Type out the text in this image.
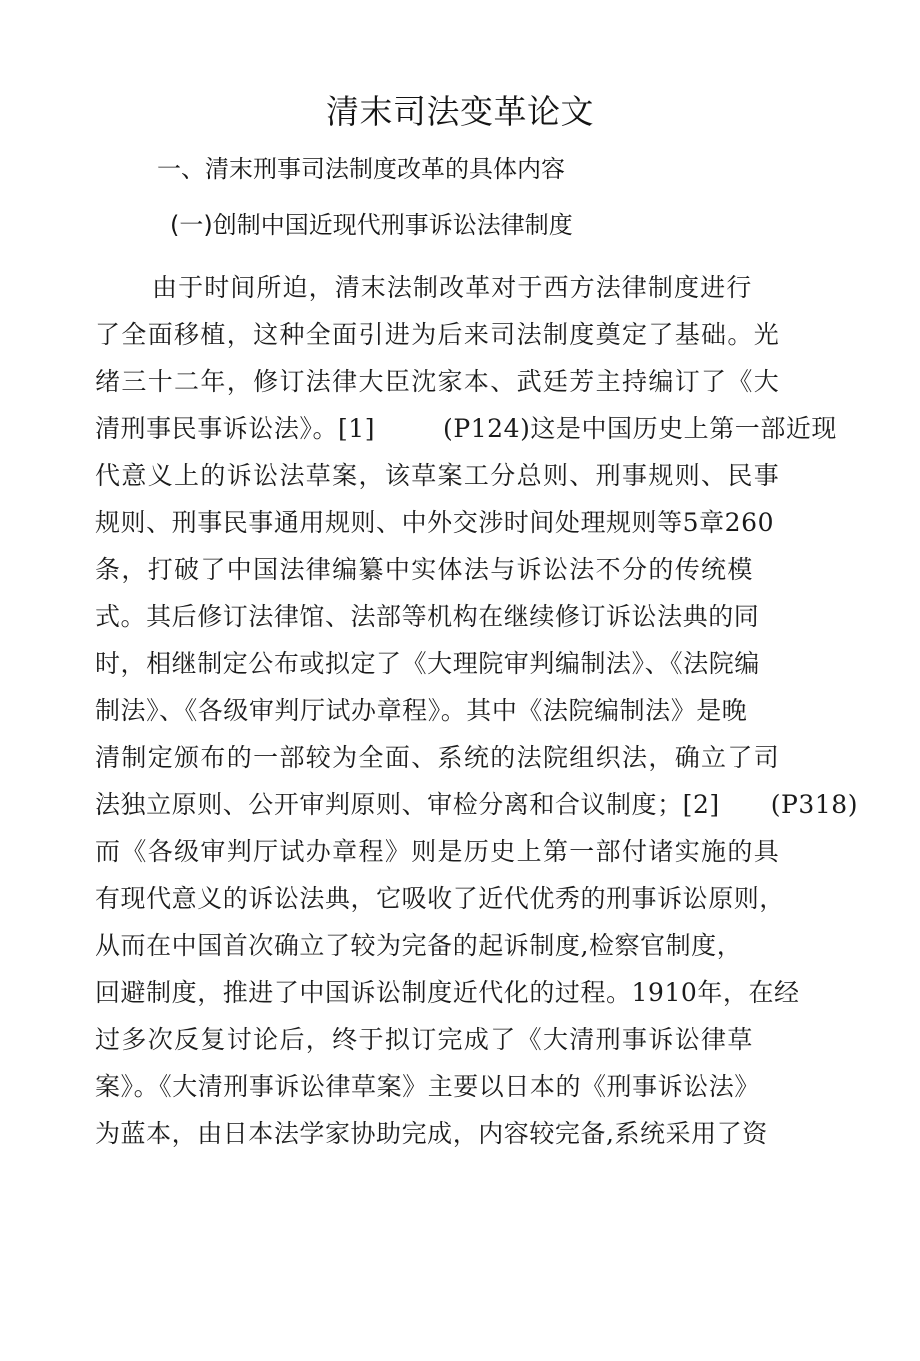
清末司法变革论文
一、清末刑事司法制度改革的具体内容
(一)创制中国近现代刑事诉讼法律制度
由于时间所迫，清末法制改革对于西方法律制度进行
了全面移植，这种全面引进为后来司法制度奠定了基础。光
绪三十二年，修订法律大臣沈家本、武廷芳主持编订了《大
清刑事民事诉讼法》。[1]        (P124)这是中国历史上第一部近现
代意义上的诉讼法草案，该草案工分总则、刑事规则、民事
规则、刑事民事通用规则、中外交涉时间处理规则等5章260
条，打破了中国法律编纂中实体法与诉讼法不分的传统模
式。其后修订法律馆、法部等机构在继续修订诉讼法典的同
时，相继制定公布或拟定了《大理院审判编制法》、《法院编
制法》、《各级审判厅试办章程》。其中《法院编制法》是晚
清制定颁布的一部较为全面、系统的法院组织法，确立了司
法独立原则、公开审判原则、审检分离和合议制度；[2]      (P318)
而《各级审判厅试办章程》则是历史上第一部付诸实施的具
有现代意义的诉讼法典，它吸收了近代优秀的刑事诉讼原则，
从而在中国首次确立了较为完备的起诉制度,检察官制度，
回避制度，推进了中国诉讼制度近代化的过程。1910年，在经
过多次反复讨论后，终于拟订完成了《大清刑事诉讼律草
案》。《大清刑事诉讼律草案》主要以日本的《刑事诉讼法》
为蓝本，由日本法学家协助完成，内容较完备,系统采用了资
